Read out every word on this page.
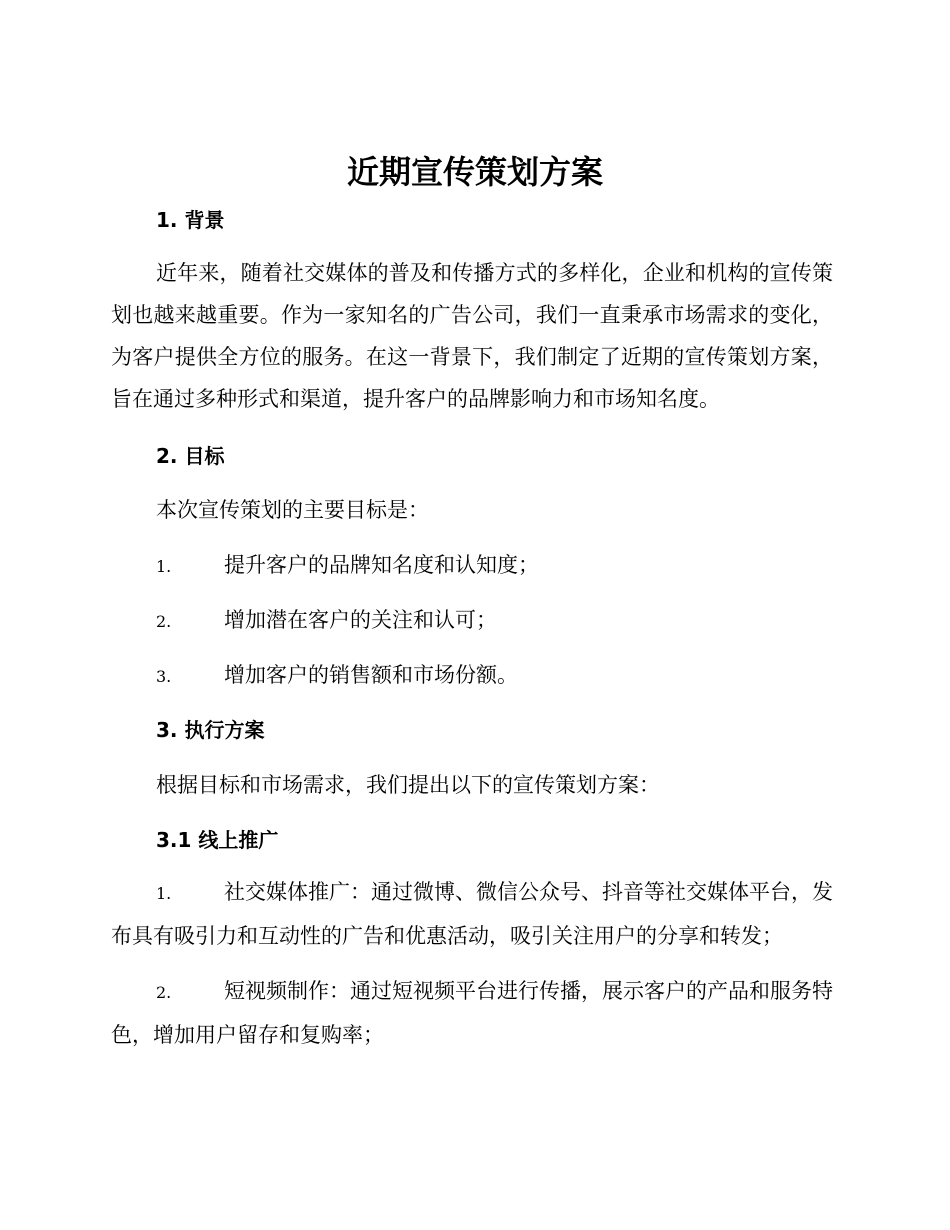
近期宣传策划方案
1. 背景

近年来，随着社交媒体的普及和传播方式的多样化，企业和机构的宣传策划也越来越重要。作为一家知名的广告公司，我们一直秉承市场需求的变化，为客户提供全方位的服务。在这一背景下，我们制定了近期的宣传策划方案，旨在通过多种形式和渠道，提升客户的品牌影响力和市场知名度。

2. 目标

本次宣传策划的主要目标是：

1.	提升客户的品牌知名度和认知度；

2.	增加潜在客户的关注和认可；

3.	增加客户的销售额和市场份额。

3. 执行方案

根据目标和市场需求，我们提出以下的宣传策划方案：

3.1 线上推广

1.	社交媒体推广：通过微博、微信公众号、抖音等社交媒体平台，发布具有吸引力和互动性的广告和优惠活动，吸引关注用户的分享和转发；

2.	短视频制作：通过短视频平台进行传播，展示客户的产品和服务特色，增加用户留存和复购率；
